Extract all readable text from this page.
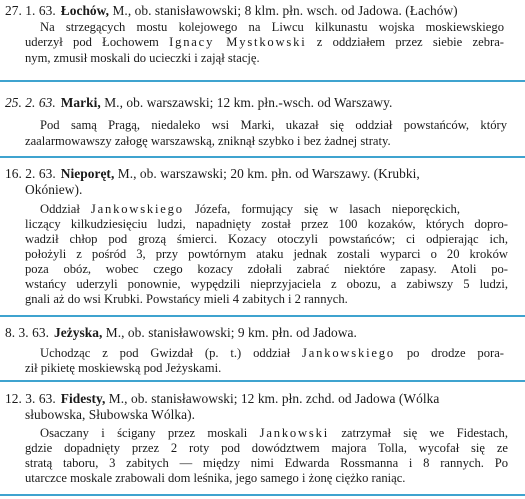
27. 1. 63. Łochów, M., ob. stanisławowski; 8 klm. płn. wsch. od Jadowa. (Łachów)
Na strzegących mostu kolejowego na Liwcu kilkunastu wojska moskiewskiego
uderzył pod Łochowem Ignacy Mystkowski z oddziałem przez siebie zebra-
nym, zmusił moskali do ucieczki i zajął stację.
25. 2. 63. Marki, M., ob. warszawski; 12 km. płn.-wsch. od Warszawy.
Pod samą Pragą, niedaleko wsi Marki, ukazał się oddział powstańców, który
zaalarmowawszy załogę warszawską, zniknął szybko i bez żadnej straty.
16. 2. 63. Nieporęt, M., ob. warszawski; 20 km. płn. od Warszawy. (Krubki,
Okóniew).
Oddział Jankowskiego Józefa, formujący się w lasach nieporęckich,
liczący kilkudziesięciu ludzi, napadnięty został przez 100 kozaków, których dopro-
wadził chłop pod grozą śmierci. Kozacy otoczyli powstańców; ci odpierając ich,
położyli z pośród 3, przy powtórnym ataku jednak zostali wyparci o 20 kroków
poza obóz, wobec czego kozacy zdołali zabrać niektóre zapasy. Atoli po-
wstańcy uderzyli ponownie, wypędzili nieprzyjaciela z obozu, a zabiwszy 5 ludzi,
gnali aż do wsi Krubki. Powstańcy mieli 4 zabitych i 2 rannych.
8. 3. 63. Jeżyska, M., ob. stanisławowski; 9 km. płn. od Jadowa.
Uchodząc z pod Gwizdał (p. t.) oddział Jankowskiego po drodze pora-
ził pikietę moskiewską pod Jeżyskami.
12. 3. 63. Fidesty, M., ob. stanisławowski; 12 km. płn. zchd. od Jadowa (Wólka
słubowska, Słubowska Wólka).
Osaczany i ścigany przez moskali Jankowski zatrzymał się we Fidestach,
gdzie dopadnięty przez 2 roty pod dowództwem majora Tolla, wycofał się ze
stratą taboru, 3 zabitych — między nimi Edwarda Rossmanna i 8 rannych. Po
utarczce moskale zrabowali dom leśnika, jego samego i żonę ciężko raniąc.
